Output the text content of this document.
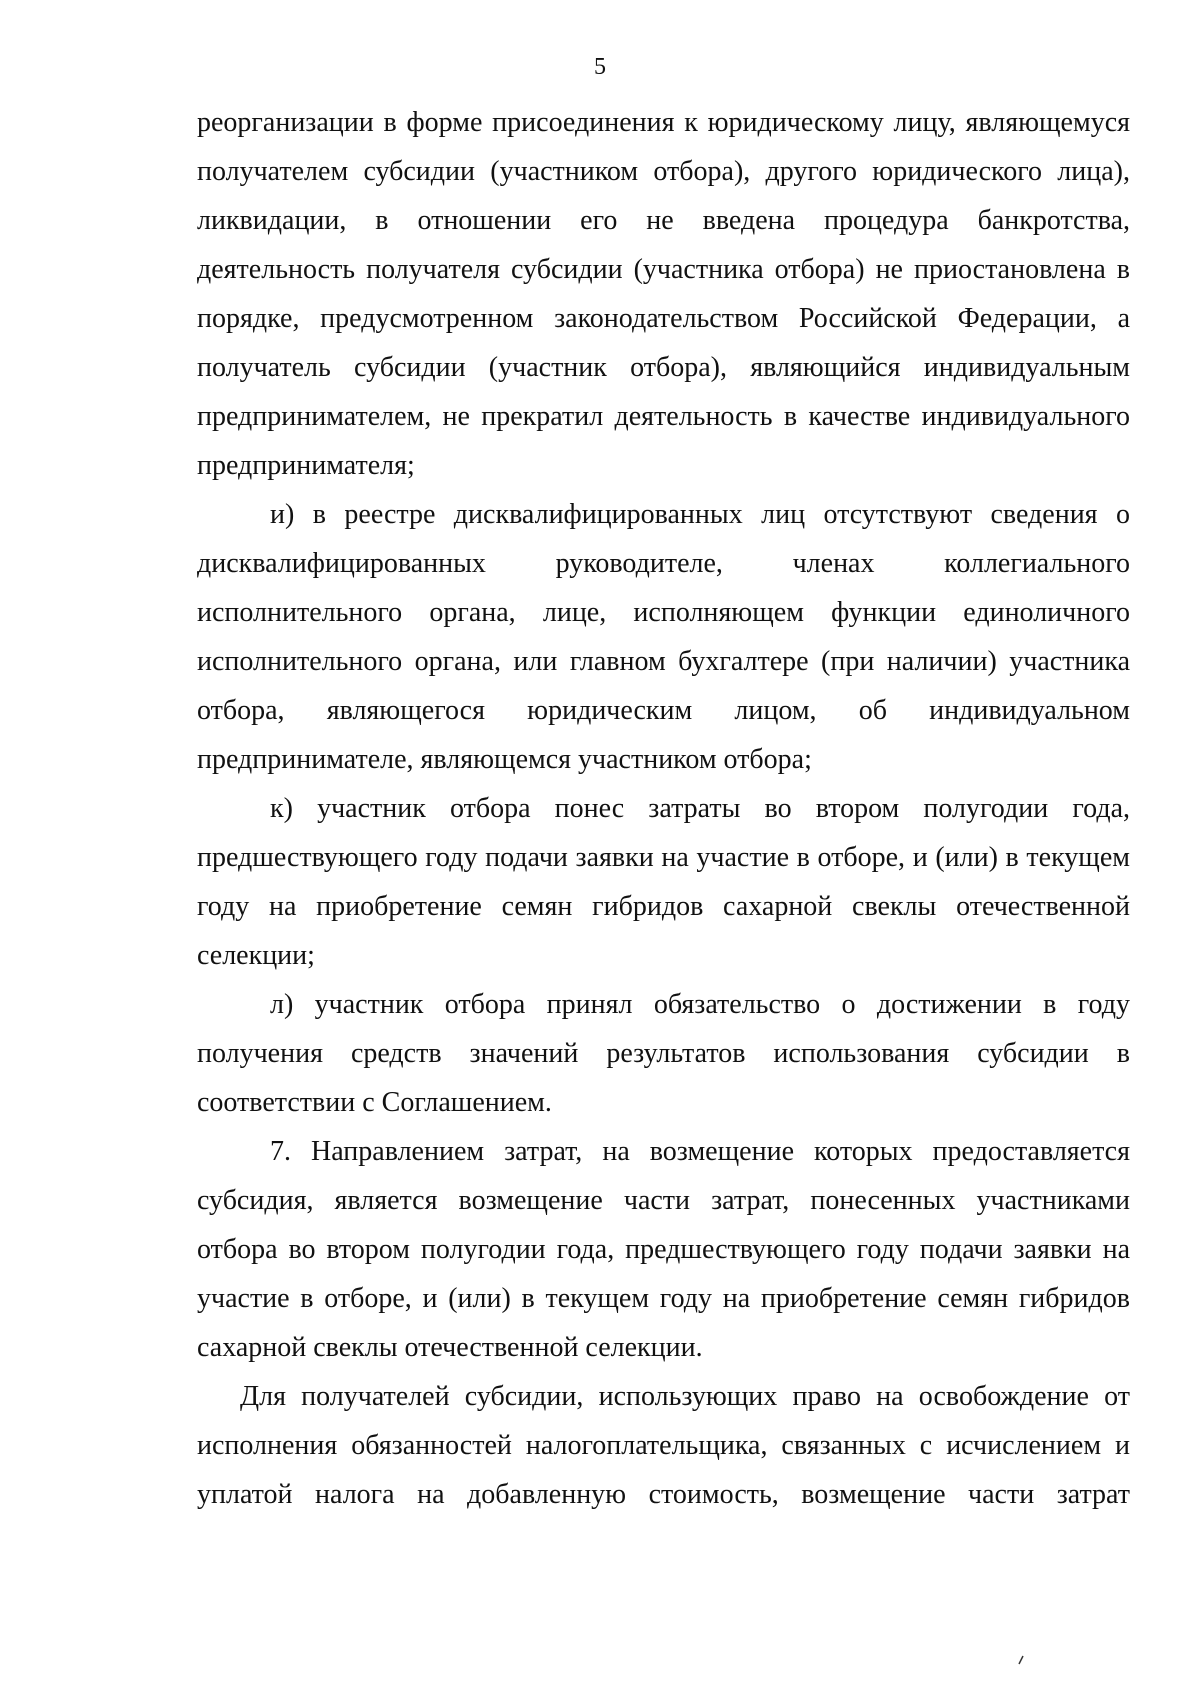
5

реорганизации в форме присоединения к юридическому лицу, являющемуся получателем субсидии (участником отбора), другого юридического лица), ликвидации, в отношении его не введена процедура банкротства, деятельность получателя субсидии (участника отбора) не приостановлена в порядке, предусмотренном законодательством Российской Федерации, а получатель субсидии (участник отбора), являющийся индивидуальным предпринимателем, не прекратил деятельность в качестве индивидуального предпринимателя;

и) в реестре дисквалифицированных лиц отсутствуют сведения о дисквалифицированных руководителе, членах коллегиального исполнительного органа, лице, исполняющем функции единоличного исполнительного органа, или главном бухгалтере (при наличии) участника отбора, являющегося юридическим лицом, об индивидуальном предпринимателе, являющемся участником отбора;

к) участник отбора понес затраты во втором полугодии года, предшествующего году подачи заявки на участие в отборе, и (или) в текущем году на приобретение семян гибридов сахарной свеклы отечественной селекции;

л) участник отбора принял обязательство о достижении в году получения средств значений результатов использования субсидии в соответствии с Соглашением.

7. Направлением затрат, на возмещение которых предоставляется субсидия, является возмещение части затрат, понесенных участниками отбора во втором полугодии года, предшествующего году подачи заявки на участие в отборе, и (или) в текущем году на приобретение семян гибридов сахарной свеклы отечественной селекции.

Для получателей субсидии, использующих право на освобождение от исполнения обязанностей налогоплательщика, связанных с исчислением и уплатой налога на добавленную стоимость, возмещение части затрат
